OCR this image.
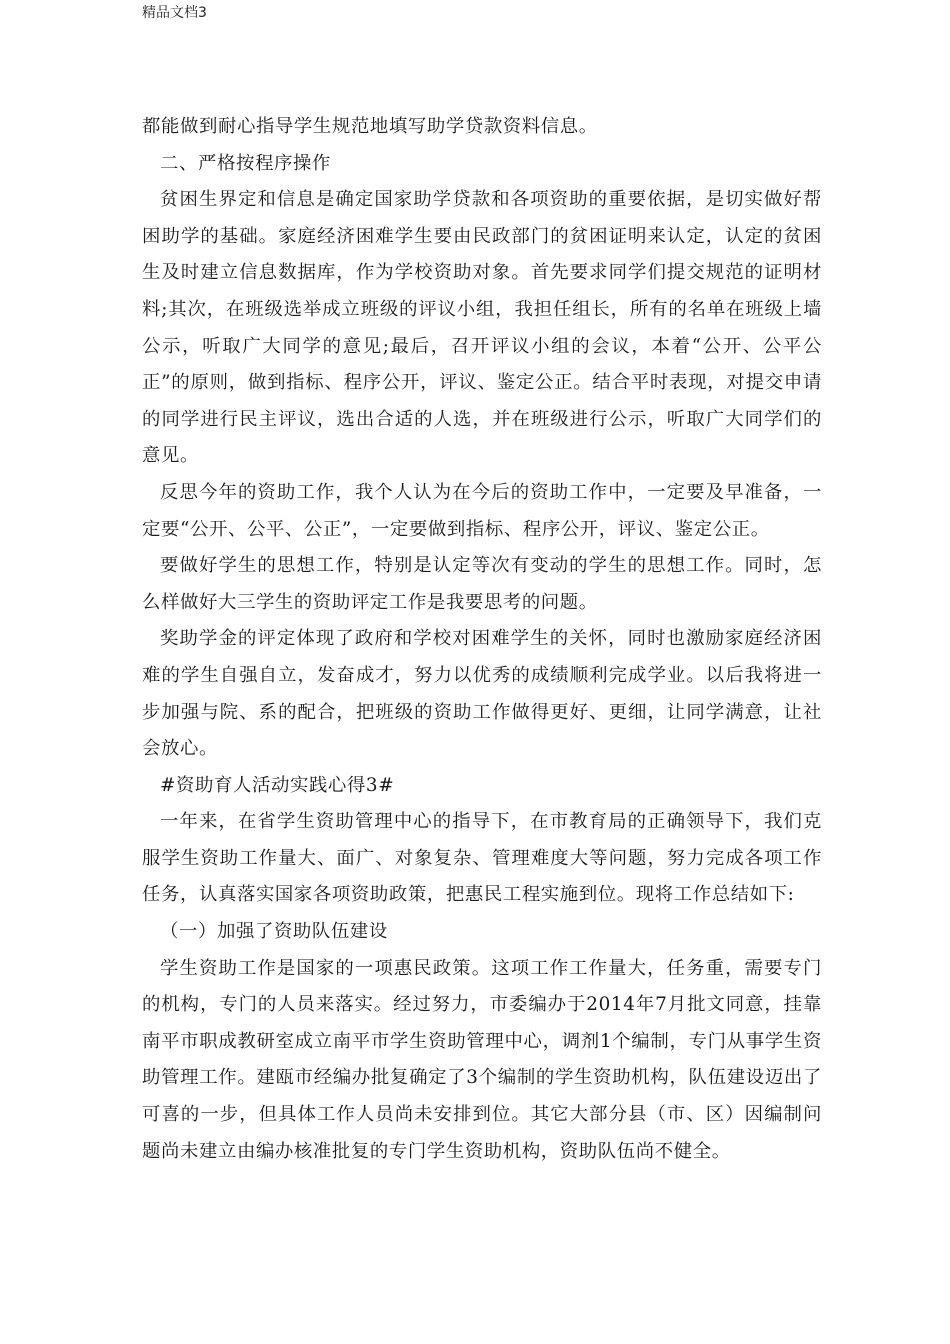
精品文档3

都能做到耐心指导学生规范地填写助学贷款资料信息。

二、严格按程序操作

贫困生界定和信息是确定国家助学贷款和各项资助的重要依据，是切实做好帮困助学的基础。家庭经济困难学生要由民政部门的贫困证明来认定，认定的贫困生及时建立信息数据库，作为学校资助对象。首先要求同学们提交规范的证明材料;其次，在班级选举成立班级的评议小组，我担任组长，所有的名单在班级上墙公示，听取广大同学的意见;最后，召开评议小组的会议，本着“公开、公平公正”的原则，做到指标、程序公开，评议、鉴定公正。结合平时表现，对提交申请的同学进行民主评议，选出合适的人选，并在班级进行公示，听取广大同学们的意见。

反思今年的资助工作，我个人认为在今后的资助工作中，一定要及早准备，一定要“公开、公平、公正”，一定要做到指标、程序公开，评议、鉴定公正。

要做好学生的思想工作，特别是认定等次有变动的学生的思想工作。同时，怎么样做好大三学生的资助评定工作是我要思考的问题。

奖助学金的评定体现了政府和学校对困难学生的关怀，同时也激励家庭经济困难的学生自强自立，发奋成才，努力以优秀的成绩顺利完成学业。以后我将进一步加强与院、系的配合，把班级的资助工作做得更好、更细，让同学满意，让社会放心。

#资助育人活动实践心得3#

一年来，在省学生资助管理中心的指导下，在市教育局的正确领导下，我们克服学生资助工作量大、面广、对象复杂、管理难度大等问题，努力完成各项工作任务，认真落实国家各项资助政策，把惠民工程实施到位。现将工作总结如下:

（一）加强了资助队伍建设

学生资助工作是国家的一项惠民政策。这项工作工作量大，任务重，需要专门的机构，专门的人员来落实。经过努力，市委编办于2014年7月批文同意，挂靠南平市职成教研室成立南平市学生资助管理中心，调剂1个编制，专门从事学生资助管理工作。建瓯市经编办批复确定了3个编制的学生资助机构，队伍建设迈出了可喜的一步，但具体工作人员尚未安排到位。其它大部分县（市、区）因编制问题尚未建立由编办核准批复的专门学生资助机构，资助队伍尚不健全。
